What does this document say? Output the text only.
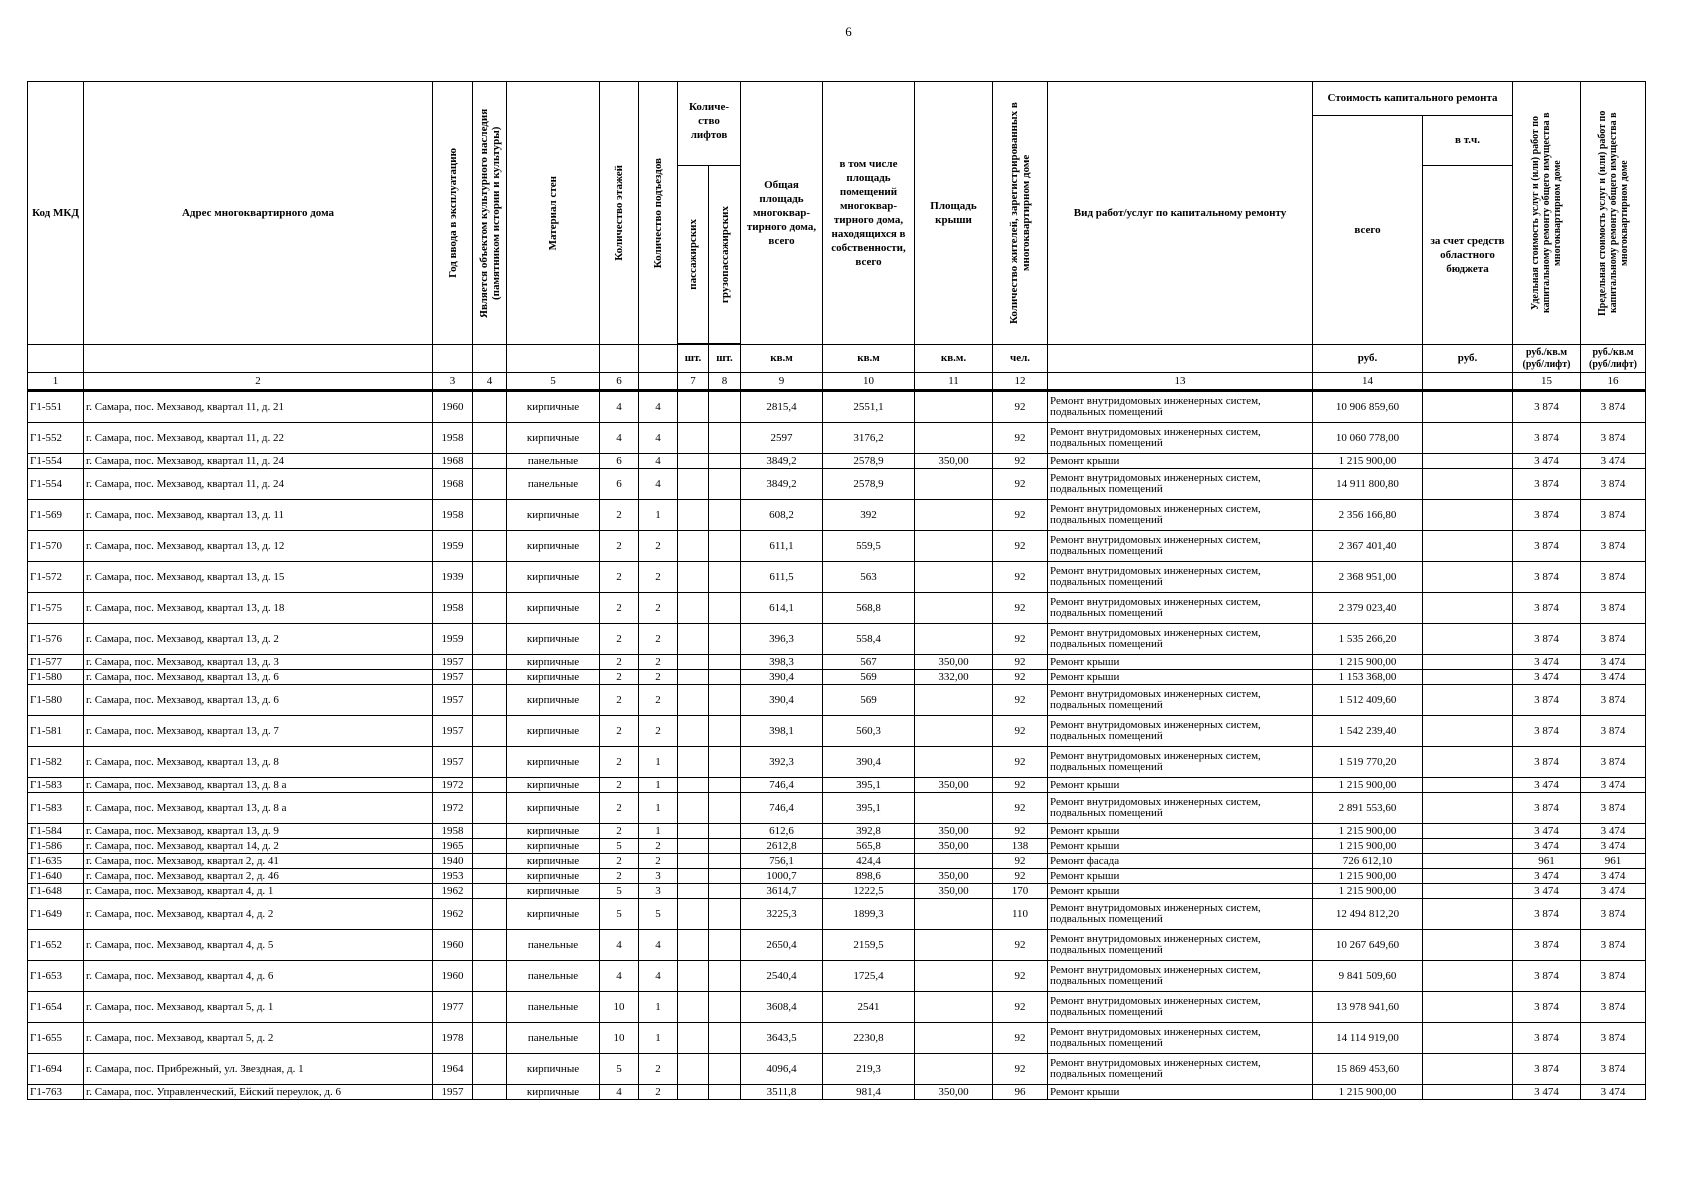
6
Код МКД	Адрес многоквартирного дома	Год ввода в эксплуатацию	Является объектом культурного наследия (памятником истории и культуры)	Материал стен	Количество этажей	Количество подъездов	Количе-ство лифтов		Общая площадь многоквар-тирного дома, всего	в том числе площадь помещений многоквар-тирного дома, находящихся в собственности, всего	Площадь крыши	Количество жителей, зарегистрированных в многоквартирном доме	Вид работ/услуг по капитальному ремонту	Стоимость капитального ремонта		Удельная стоимость услуг и (или) работ по капитальному ремонту общего имущества в многоквартирном доме	Предельная стоимость услуг и (или) работ по капитальному ремонту общего имущества в многоквартирном доме

														всего	в т.ч.		

							пассажирских	грузопассажирских							за счет средств областного бюджета		

							шт.	шт.	кв.м	кв.м	кв.м.	чел.		руб.	руб.	руб./кв.м (руб/лифт)	руб./кв.м (руб/лифт)
1	2	3	4	5	6		7	8	9	10	11	12	13	14		15	16
Г1-551	г. Самара, пос. Мехзавод, квартал 11, д. 21	1960		кирпичные	4	4			2815,4	2551,1		92	Ремонт внутридомовых инженерных систем, подвальных помещений	10 906 859,60		3 874	3 874
Г1-552	г. Самара, пос. Мехзавод, квартал 11, д. 22	1958		кирпичные	4	4			2597	3176,2		92	Ремонт внутридомовых инженерных систем, подвальных помещений	10 060 778,00		3 874	3 874
Г1-554	г. Самара, пос. Мехзавод, квартал 11, д. 24	1968		панельные	6	4			3849,2	2578,9	350,00	92	Ремонт крыши	1 215 900,00		3 474	3 474
Г1-554	г. Самара, пос. Мехзавод, квартал 11, д. 24	1968		панельные	6	4			3849,2	2578,9		92	Ремонт внутридомовых инженерных систем, подвальных помещений	14 911 800,80		3 874	3 874
Г1-569	г. Самара, пос. Мехзавод, квартал 13, д. 11	1958		кирпичные	2	1			608,2	392		92	Ремонт внутридомовых инженерных систем, подвальных помещений	2 356 166,80		3 874	3 874
Г1-570	г. Самара, пос. Мехзавод, квартал 13, д. 12	1959		кирпичные	2	2			611,1	559,5		92	Ремонт внутридомовых инженерных систем, подвальных помещений	2 367 401,40		3 874	3 874
Г1-572	г. Самара, пос. Мехзавод, квартал 13, д. 15	1939		кирпичные	2	2			611,5	563		92	Ремонт внутридомовых инженерных систем, подвальных помещений	2 368 951,00		3 874	3 874
Г1-575	г. Самара, пос. Мехзавод, квартал 13, д. 18	1958		кирпичные	2	2			614,1	568,8		92	Ремонт внутридомовых инженерных систем, подвальных помещений	2 379 023,40		3 874	3 874
Г1-576	г. Самара, пос. Мехзавод, квартал 13, д. 2	1959		кирпичные	2	2			396,3	558,4		92	Ремонт внутридомовых инженерных систем, подвальных помещений	1 535 266,20		3 874	3 874
Г1-577	г. Самара, пос. Мехзавод, квартал 13, д. 3	1957		кирпичные	2	2			398,3	567	350,00	92	Ремонт крыши	1 215 900,00		3 474	3 474
Г1-580	г. Самара, пос. Мехзавод, квартал 13, д. 6	1957		кирпичные	2	2			390,4	569	332,00	92	Ремонт крыши	1 153 368,00		3 474	3 474
Г1-580	г. Самара, пос. Мехзавод, квартал 13, д. 6	1957		кирпичные	2	2			390,4	569		92	Ремонт внутридомовых инженерных систем, подвальных помещений	1 512 409,60		3 874	3 874
Г1-581	г. Самара, пос. Мехзавод, квартал 13, д. 7	1957		кирпичные	2	2			398,1	560,3		92	Ремонт внутридомовых инженерных систем, подвальных помещений	1 542 239,40		3 874	3 874
Г1-582	г. Самара, пос. Мехзавод, квартал 13, д. 8	1957		кирпичные	2	1			392,3	390,4		92	Ремонт внутридомовых инженерных систем, подвальных помещений	1 519 770,20		3 874	3 874
Г1-583	г. Самара, пос. Мехзавод, квартал 13, д. 8 а	1972		кирпичные	2	1			746,4	395,1	350,00	92	Ремонт крыши	1 215 900,00		3 474	3 474
Г1-583	г. Самара, пос. Мехзавод, квартал 13, д. 8 а	1972		кирпичные	2	1			746,4	395,1		92	Ремонт внутридомовых инженерных систем, подвальных помещений	2 891 553,60		3 874	3 874
Г1-584	г. Самара, пос. Мехзавод, квартал 13, д. 9	1958		кирпичные	2	1			612,6	392,8	350,00	92	Ремонт крыши	1 215 900,00		3 474	3 474
Г1-586	г. Самара, пос. Мехзавод, квартал 14, д. 2	1965		кирпичные	5	2			2612,8	565,8	350,00	138	Ремонт крыши	1 215 900,00		3 474	3 474
Г1-635	г. Самара, пос. Мехзавод, квартал 2, д. 41	1940		кирпичные	2	2			756,1	424,4		92	Ремонт фасада	726 612,10		961	961
Г1-640	г. Самара, пос. Мехзавод, квартал 2, д. 46	1953		кирпичные	2	3			1000,7	898,6	350,00	92	Ремонт крыши	1 215 900,00		3 474	3 474
Г1-648	г. Самара, пос. Мехзавод, квартал 4, д. 1	1962		кирпичные	5	3			3614,7	1222,5	350,00	170	Ремонт крыши	1 215 900,00		3 474	3 474
Г1-649	г. Самара, пос. Мехзавод, квартал 4, д. 2	1962		кирпичные	5	5			3225,3	1899,3		110	Ремонт внутридомовых инженерных систем, подвальных помещений	12 494 812,20		3 874	3 874
Г1-652	г. Самара, пос. Мехзавод, квартал 4, д. 5	1960		панельные	4	4			2650,4	2159,5		92	Ремонт внутридомовых инженерных систем, подвальных помещений	10 267 649,60		3 874	3 874
Г1-653	г. Самара, пос. Мехзавод, квартал 4, д. 6	1960		панельные	4	4			2540,4	1725,4		92	Ремонт внутридомовых инженерных систем, подвальных помещений	9 841 509,60		3 874	3 874
Г1-654	г. Самара, пос. Мехзавод, квартал 5, д. 1	1977		панельные	10	1			3608,4	2541		92	Ремонт внутридомовых инженерных систем, подвальных помещений	13 978 941,60		3 874	3 874
Г1-655	г. Самара, пос. Мехзавод, квартал 5, д. 2	1978		панельные	10	1			3643,5	2230,8		92	Ремонт внутридомовых инженерных систем, подвальных помещений	14 114 919,00		3 874	3 874
Г1-694	г. Самара, пос. Прибрежный, ул. Звездная, д. 1	1964		кирпичные	5	2			4096,4	219,3		92	Ремонт внутридомовых инженерных систем, подвальных помещений	15 869 453,60		3 874	3 874
Г1-763	г. Самара, пос. Управленческий, Ейский переулок, д. 6	1957		кирпичные	4	2			3511,8	981,4	350,00	96	Ремонт крыши	1 215 900,00		3 474	3 474
